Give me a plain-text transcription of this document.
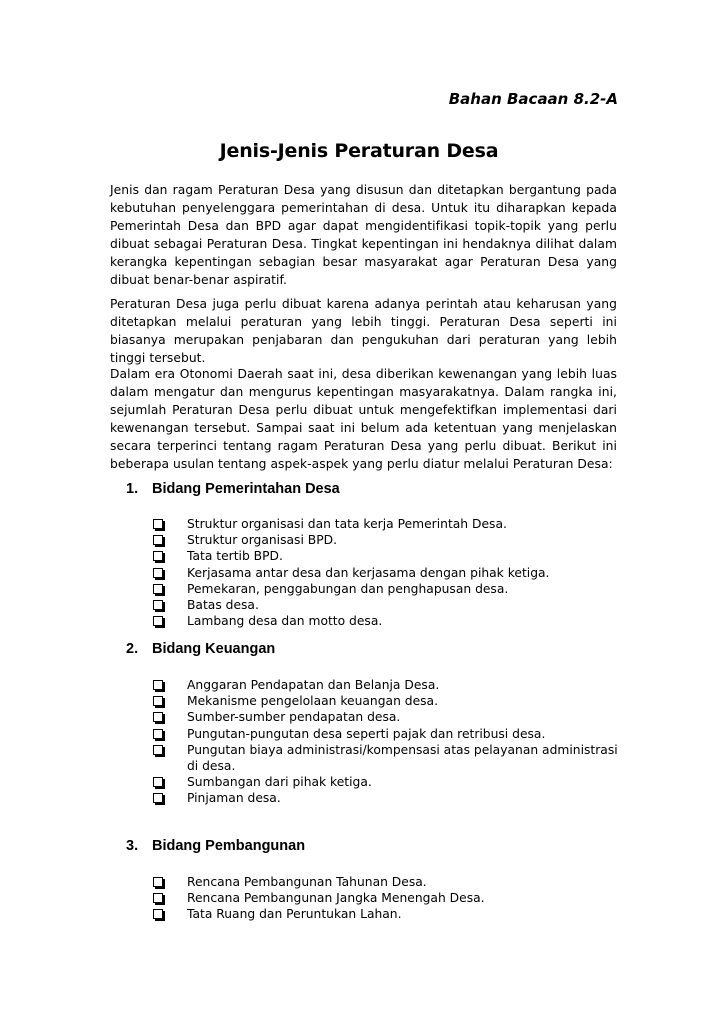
Bahan Bacaan 8.2-A
Jenis-Jenis Peraturan Desa

Jenis dan ragam Peraturan Desa yang disusun dan ditetapkan bergantung pada kebutuhan penyelenggara pemerintahan di desa. Untuk itu diharapkan kepada Pemerintah Desa dan BPD agar dapat mengidentifikasi topik-topik yang perlu dibuat sebagai Peraturan Desa. Tingkat kepentingan ini hendaknya dilihat dalam kerangka kepentingan sebagian besar masyarakat agar Peraturan Desa yang dibuat benar-benar aspiratif.

Peraturan Desa juga perlu dibuat karena adanya perintah atau keharusan yang ditetapkan melalui peraturan yang lebih tinggi. Peraturan Desa seperti ini biasanya merupakan penjabaran dan pengukuhan dari peraturan yang lebih tinggi tersebut.

Dalam era Otonomi Daerah saat ini, desa diberikan kewenangan yang lebih luas dalam mengatur dan mengurus kepentingan masyarakatnya. Dalam rangka ini, sejumlah Peraturan Desa perlu dibuat untuk mengefektifkan implementasi dari kewenangan tersebut. Sampai saat ini belum ada ketentuan yang menjelaskan secara terperinci tentang ragam Peraturan Desa yang perlu dibuat. Berikut ini beberapa usulan tentang aspek-aspek yang perlu diatur melalui Peraturan Desa:

1. Bidang Pemerintahan Desa
Struktur organisasi dan tata kerja Pemerintah Desa.
Struktur organisasi BPD.
Tata tertib BPD.
Kerjasama antar desa dan kerjasama dengan pihak ketiga.
Pemekaran, penggabungan dan penghapusan desa.
Batas desa.
Lambang desa dan motto desa.
2. Bidang Keuangan
Anggaran Pendapatan dan Belanja Desa.
Mekanisme pengelolaan keuangan desa.
Sumber-sumber pendapatan desa.
Pungutan-pungutan desa seperti pajak dan retribusi desa.
Pungutan biaya administrasi/kompensasi atas pelayanan administrasi di desa.
Sumbangan dari pihak ketiga.
Pinjaman desa.
3. Bidang Pembangunan
Rencana Pembangunan Tahunan Desa.
Rencana Pembangunan Jangka Menengah Desa.
Tata Ruang dan Peruntukan Lahan.
